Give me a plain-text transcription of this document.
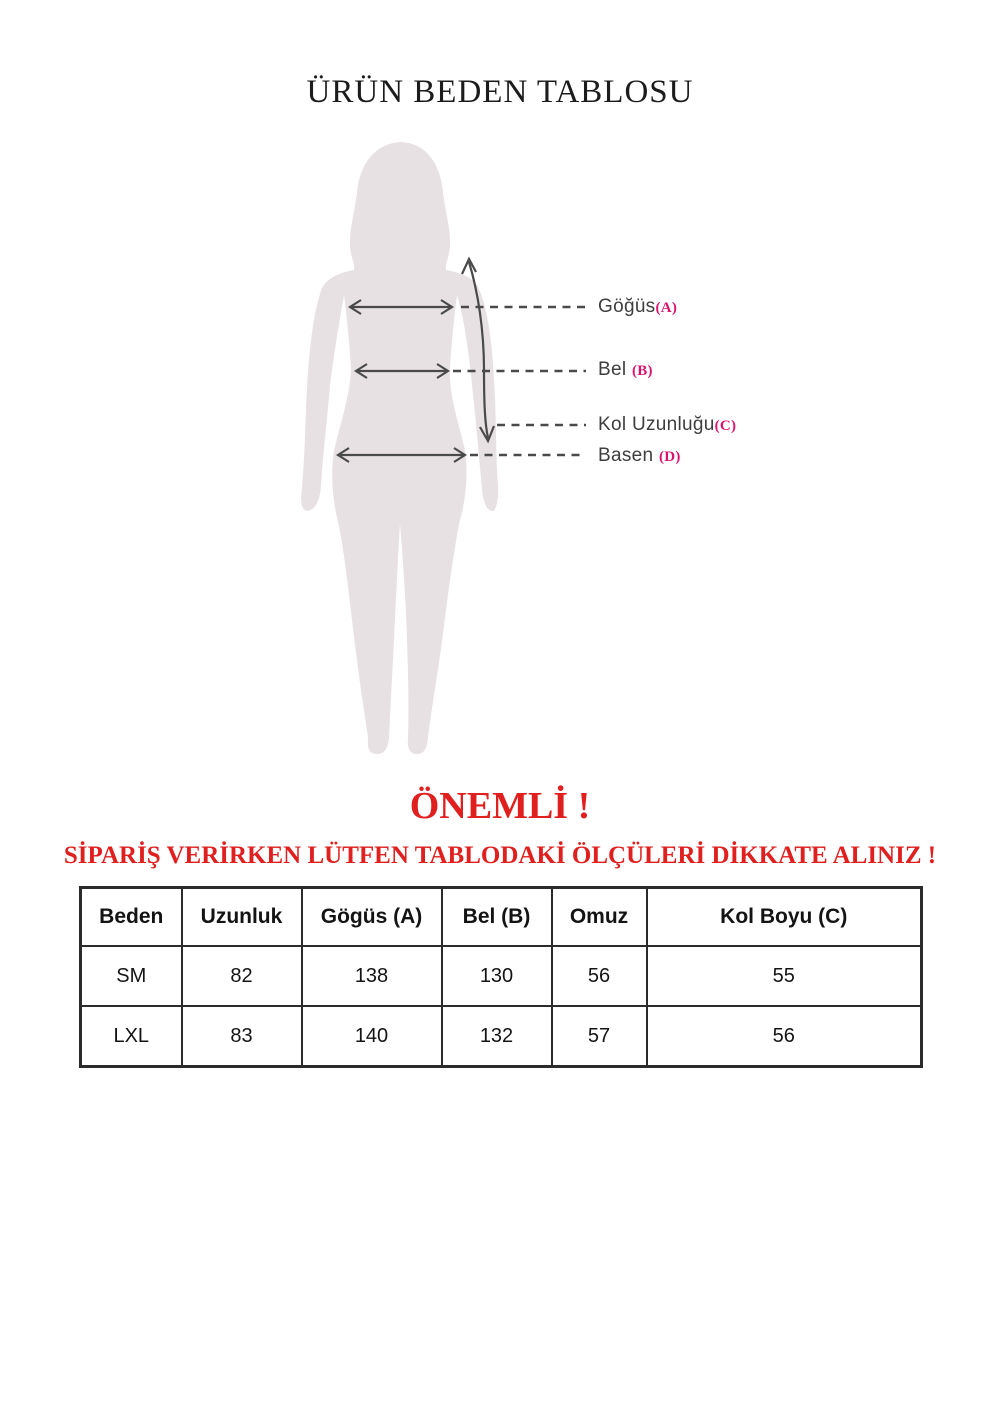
ÜRÜN BEDEN TABLOSU
Göğüs(A)
Bel (B)
Kol Uzunluğu(C)
Basen (D)
ÖNEMLİ !
SİPARİŞ VERİRKEN LÜTFEN TABLODAKİ ÖLÇÜLERİ DİKKATE ALINIZ !
Beden	Uzunluk	Gögüs (A)	Bel (B)	Omuz	Kol Boyu (C)
SM	82	138	130	56	55
LXL	83	140	132	57	56
